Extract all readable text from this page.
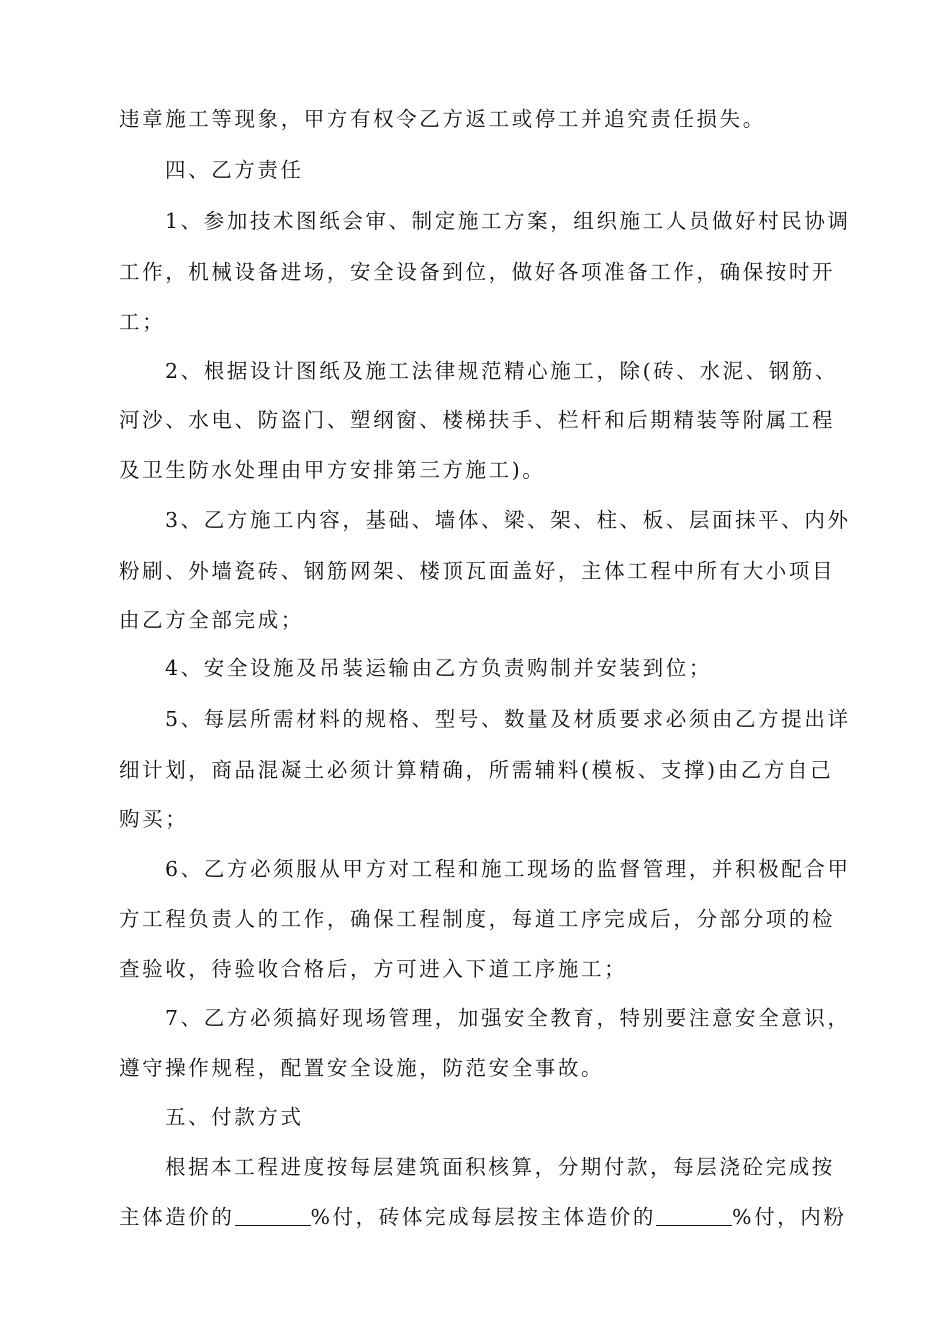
违章施工等现象，甲方有权令乙方返工或停工并追究责任损失。
四、乙方责任
1、参加技术图纸会审、制定施工方案，组织施工人员做好村民协调
工作，机械设备进场，安全设备到位，做好各项准备工作，确保按时开
工；
2、根据设计图纸及施工法律规范精心施工，除(砖、水泥、钢筋、
河沙、水电、防盗门、塑纲窗、楼梯扶手、栏杆和后期精装等附属工程
及卫生防水处理由甲方安排第三方施工)。
3、乙方施工内容，基础、墙体、梁、架、柱、板、层面抹平、内外
粉刷、外墙瓷砖、钢筋网架、楼顶瓦面盖好，主体工程中所有大小项目
由乙方全部完成；
4、安全设施及吊装运输由乙方负责购制并安装到位；
5、每层所需材料的规格、型号、数量及材质要求必须由乙方提出详
细计划，商品混凝土必须计算精确，所需辅料(模板、支撑)由乙方自己
购买；
6、乙方必须服从甲方对工程和施工现场的监督管理，并积极配合甲
方工程负责人的工作，确保工程制度，每道工序完成后，分部分项的检
查验收，待验收合格后，方可进入下道工序施工；
7、乙方必须搞好现场管理，加强安全教育，特别要注意安全意识，
遵守操作规程，配置安全设施，防范安全事故。
五、付款方式
根据本工程进度按每层建筑面积核算，分期付款，每层浇砼完成按
主体造价的	%付，砖体完成每层按主体造价的	%付，内粉
